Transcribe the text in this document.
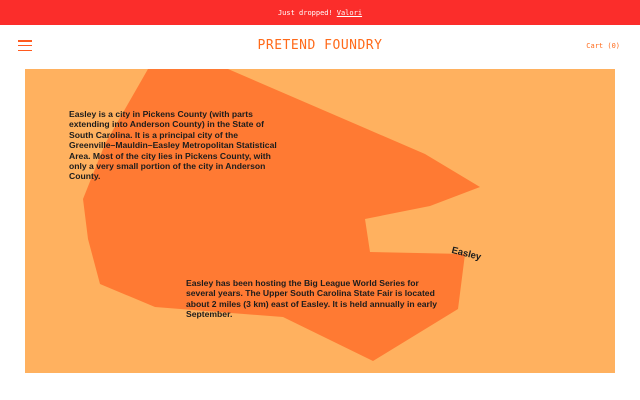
Just dropped! Valori
PRETEND FOUNDRY	Cart (0)
Easley is a city in Pickens County (with parts extending into Anderson County) in the State of South Carolina. It is a principal city of the Greenville–Mauldin–Easley Metropolitan Statistical Area. Most of the city lies in Pickens County, with only a very small portion of the city in Anderson County.
Easley has been hosting the Big League World Series for several years. The Upper South Carolina State Fair is located about 2 miles (3 km) east of Easley. It is held annually in early September.
Easley
